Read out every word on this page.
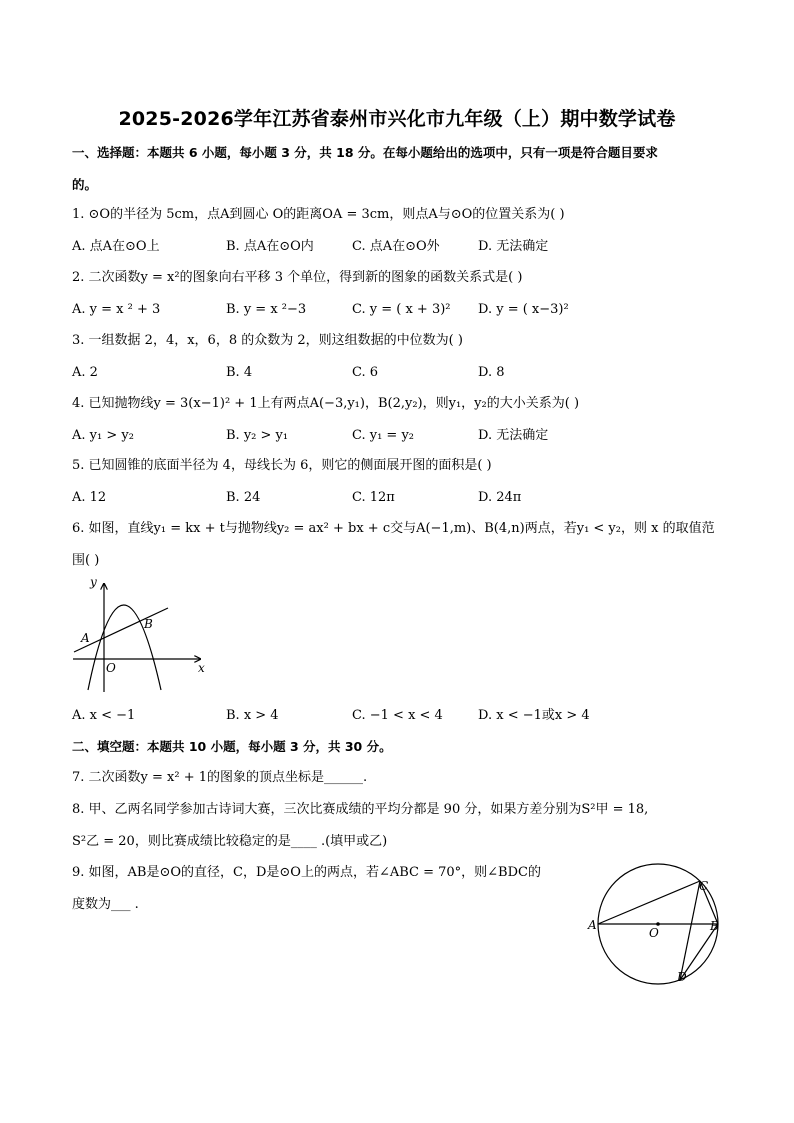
2025-2026学年江苏省泰州市兴化市九年级（上）期中数学试卷
一、选择题：本题共 6 小题，每小题 3 分，共 18 分。在每小题给出的选项中，只有一项是符合题目要求
的。
1. ⊙O的半径为 5cm，点A到圆心 O的距离OA = 3cm，则点A与⊙O的位置关系为( )
A. 点A在⊙O上	B. 点A在⊙O内	C. 点A在⊙O外	D. 无法确定
2. 二次函数y = x²的图象向右平移 3 个单位，得到新的图象的函数关系式是( )
A. y = x ² + 3	B. y = x ²−3	C. y = ( x + 3)² D. y = ( x−3)²
3. 一组数据 2，4，x，6，8 的众数为 2，则这组数据的中位数为( )
A. 2	B. 4	C. 6	D. 8
4. 已知抛物线y = 3(x−1)² + 1上有两点A(−3,y₁)，B(2,y₂)，则y₁，y₂的大小关系为( )
A. y₁ > y₂	B. y₂ > y₁	C. y₁ = y₂	D. 无法确定
5. 已知圆锥的底面半径为 4，母线长为 6，则它的侧面展开图的面积是( )
A. 12	B. 24	C. 12π	D. 24π
6. 如图，直线y₁ = kx + t与抛物线y₂ = ax² + bx + c交与A(−1,m)、B(4,n)两点，若y₁ < y₂，则 x 的取值范
围( )
y
x
O
A
B
A. x < −1	B. x > 4	C. −1 < x < 4	D. x < −1或x > 4
二、填空题：本题共 10 小题，每小题 3 分，共 30 分。
7. 二次函数y = x² + 1的图象的顶点坐标是______.
8. 甲、乙两名同学参加古诗词大赛，三次比赛成绩的平均分都是 90 分，如果方差分别为S²甲 = 18,
S²乙 = 20，则比赛成绩比较稳定的是____ .(填甲或乙)
9. 如图，AB是⊙O的直径，C，D是⊙O上的两点，若∠ABC = 70°，则∠BDC的
度数为___ .
A	B
C
D
O
